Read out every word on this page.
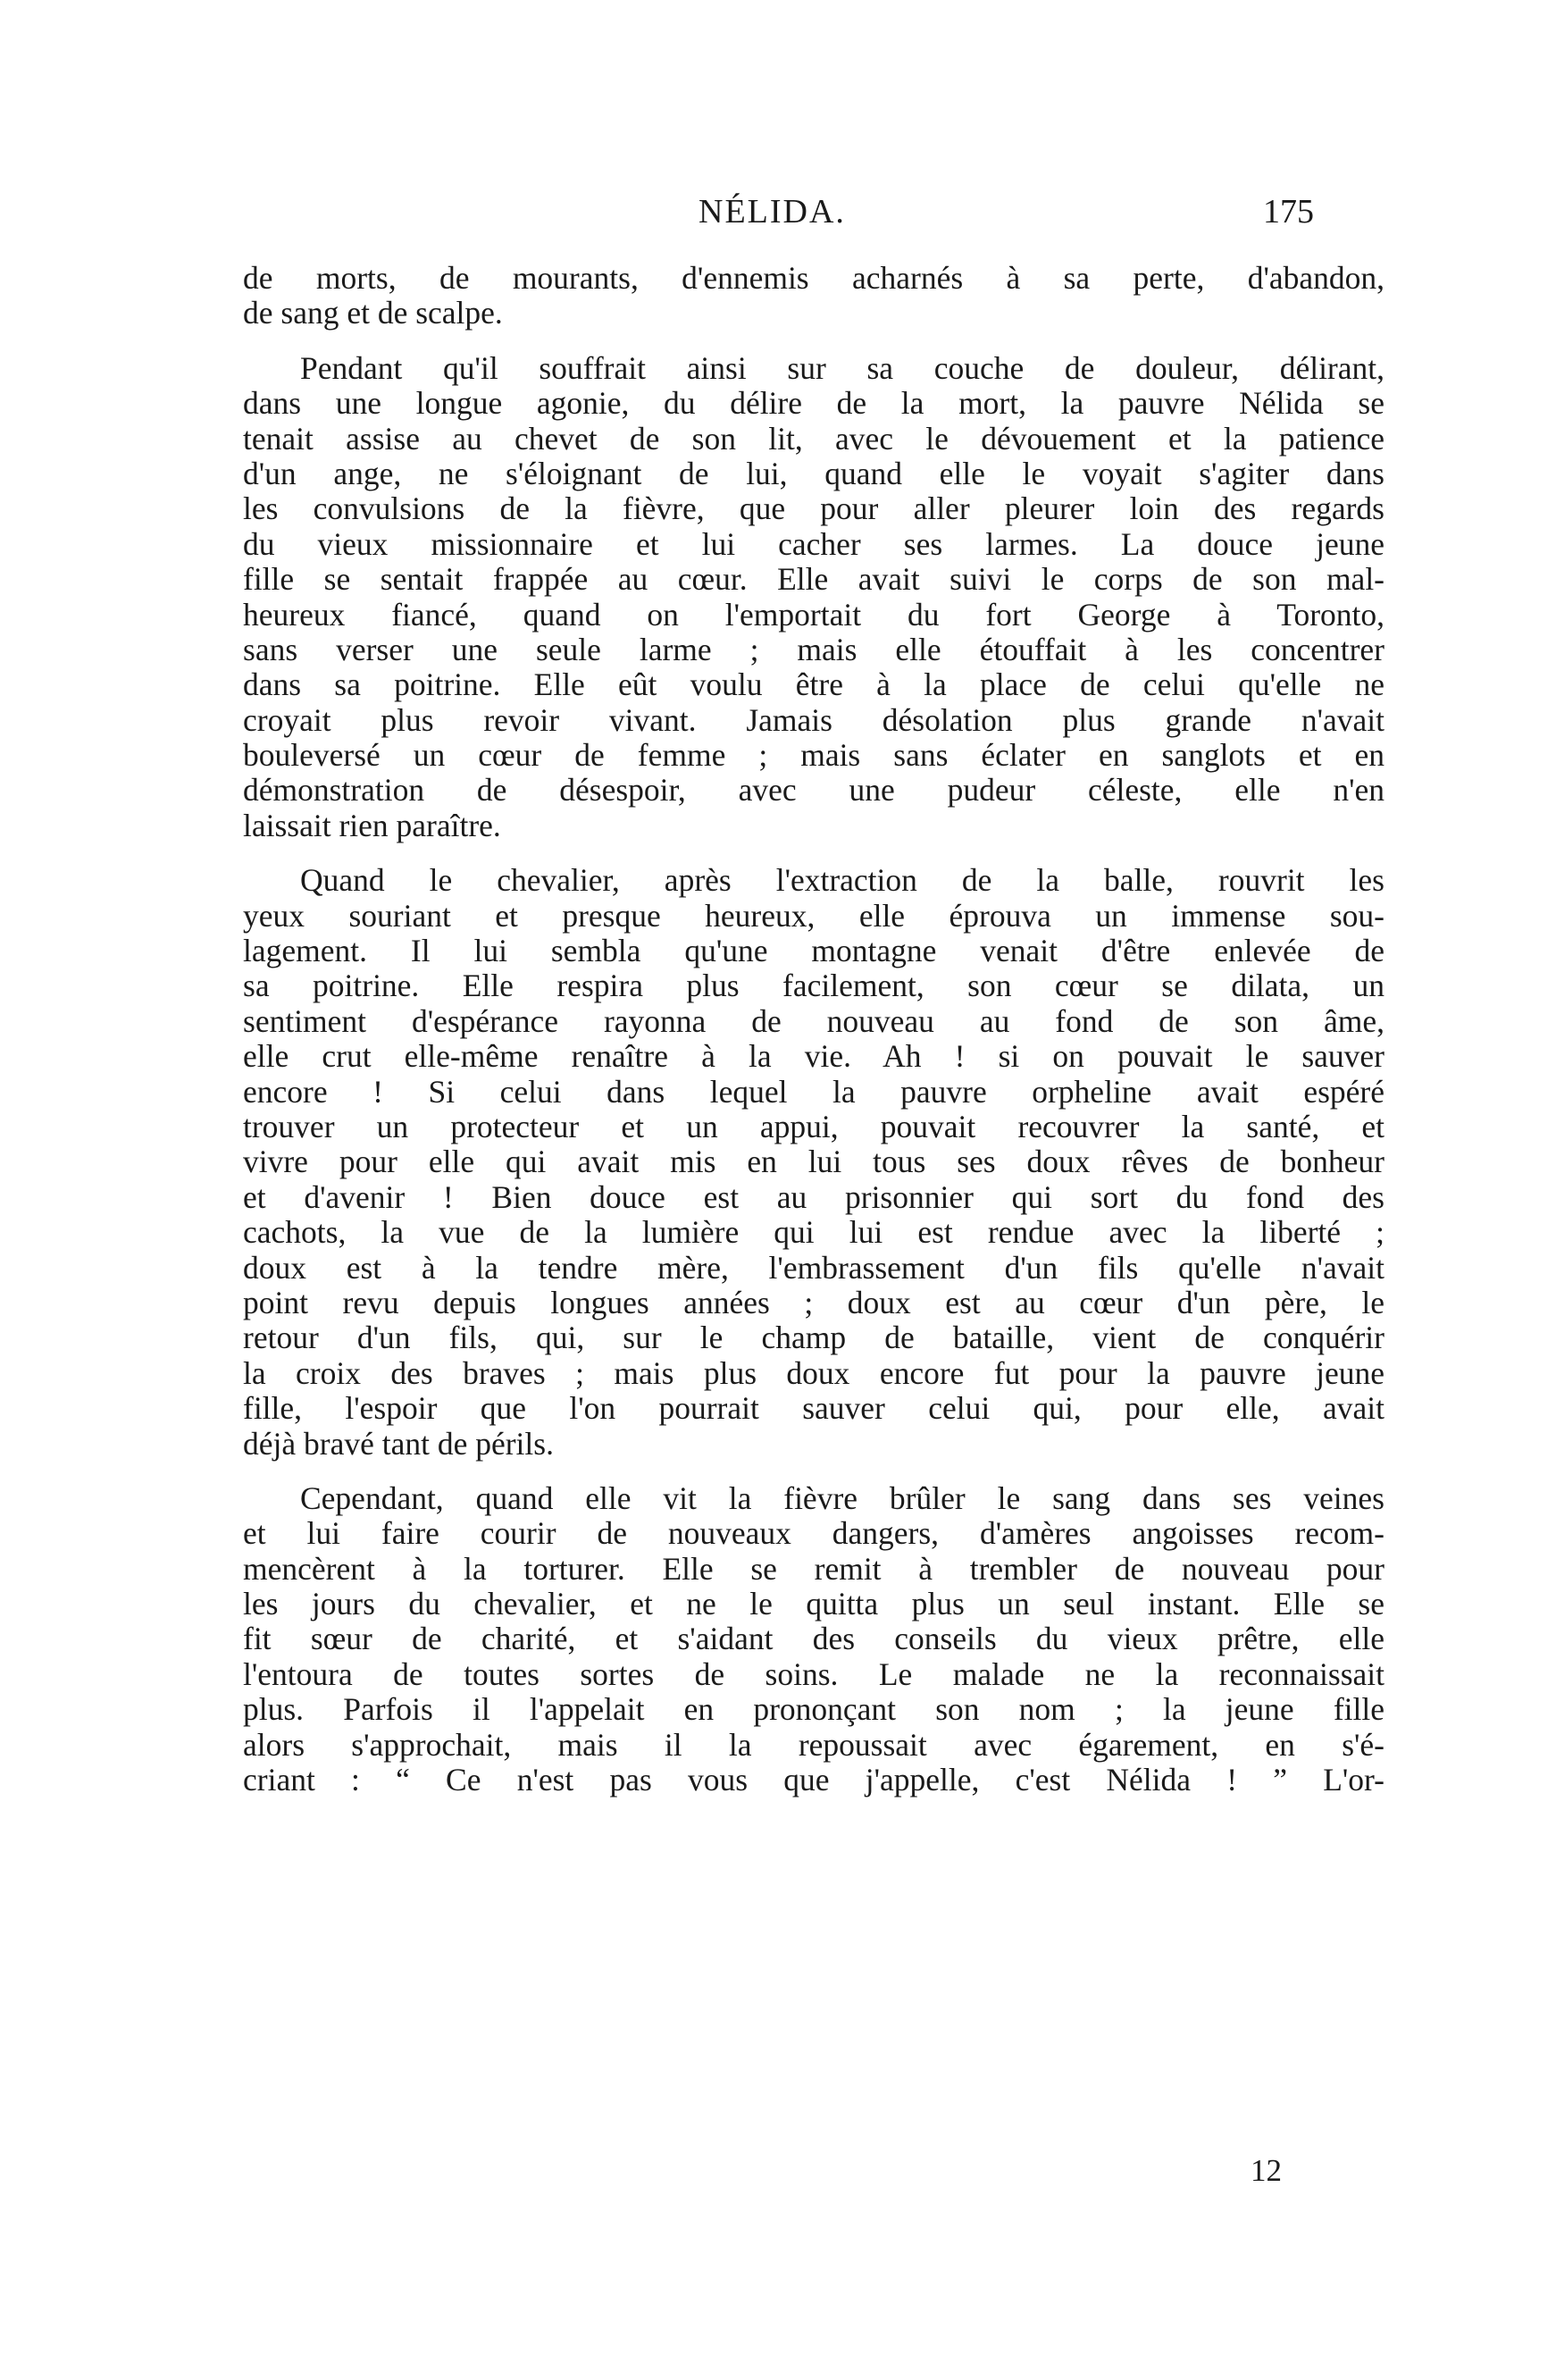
NÉLIDA.	175
de morts, de mourants, d'ennemis acharnés à sa perte, d'abandon,
de sang et de scalpe.
Pendant qu'il souffrait ainsi sur sa couche de douleur, délirant,
dans une longue agonie, du délire de la mort, la pauvre Nélida se
tenait assise au chevet de son lit, avec le dévouement et la patience
d'un ange, ne s'éloignant de lui, quand elle le voyait s'agiter dans
les convulsions de la fièvre, que pour aller pleurer loin des regards
du vieux missionnaire et lui cacher ses larmes. La douce jeune
fille se sentait frappée au cœur. Elle avait suivi le corps de son mal-
heureux fiancé, quand on l'emportait du fort George à Toronto,
sans verser une seule larme ; mais elle étouffait à les concentrer
dans sa poitrine. Elle eût voulu être à la place de celui qu'elle ne
croyait plus revoir vivant. Jamais désolation plus grande n'avait
bouleversé un cœur de femme ; mais sans éclater en sanglots et en
démonstration de désespoir, avec une pudeur céleste, elle n'en
laissait rien paraître.
Quand le chevalier, après l'extraction de la balle, rouvrit les
yeux souriant et presque heureux, elle éprouva un immense sou-
lagement. Il lui sembla qu'une montagne venait d'être enlevée de
sa poitrine. Elle respira plus facilement, son cœur se dilata, un
sentiment d'espérance rayonna de nouveau au fond de son âme,
elle crut elle-même renaître à la vie. Ah ! si on pouvait le sauver
encore ! Si celui dans lequel la pauvre orpheline avait espéré
trouver un protecteur et un appui, pouvait recouvrer la santé, et
vivre pour elle qui avait mis en lui tous ses doux rêves de bonheur
et d'avenir ! Bien douce est au prisonnier qui sort du fond des
cachots, la vue de la lumière qui lui est rendue avec la liberté ;
doux est à la tendre mère, l'embrassement d'un fils qu'elle n'avait
point revu depuis longues années ; doux est au cœur d'un père, le
retour d'un fils, qui, sur le champ de bataille, vient de conquérir
la croix des braves ; mais plus doux encore fut pour la pauvre jeune
fille, l'espoir que l'on pourrait sauver celui qui, pour elle, avait
déjà bravé tant de périls.
Cependant, quand elle vit la fièvre brûler le sang dans ses veines
et lui faire courir de nouveaux dangers, d'amères angoisses recom-
mencèrent à la torturer. Elle se remit à trembler de nouveau pour
les jours du chevalier, et ne le quitta plus un seul instant. Elle se
fit sœur de charité, et s'aidant des conseils du vieux prêtre, elle
l'entoura de toutes sortes de soins. Le malade ne la reconnaissait
plus. Parfois il l'appelait en prononçant son nom ; la jeune fille
alors s'approchait, mais il la repoussait avec égarement, en s'é-
criant : “ Ce n'est pas vous que j'appelle, c'est Nélida ! ” L'or-
12
